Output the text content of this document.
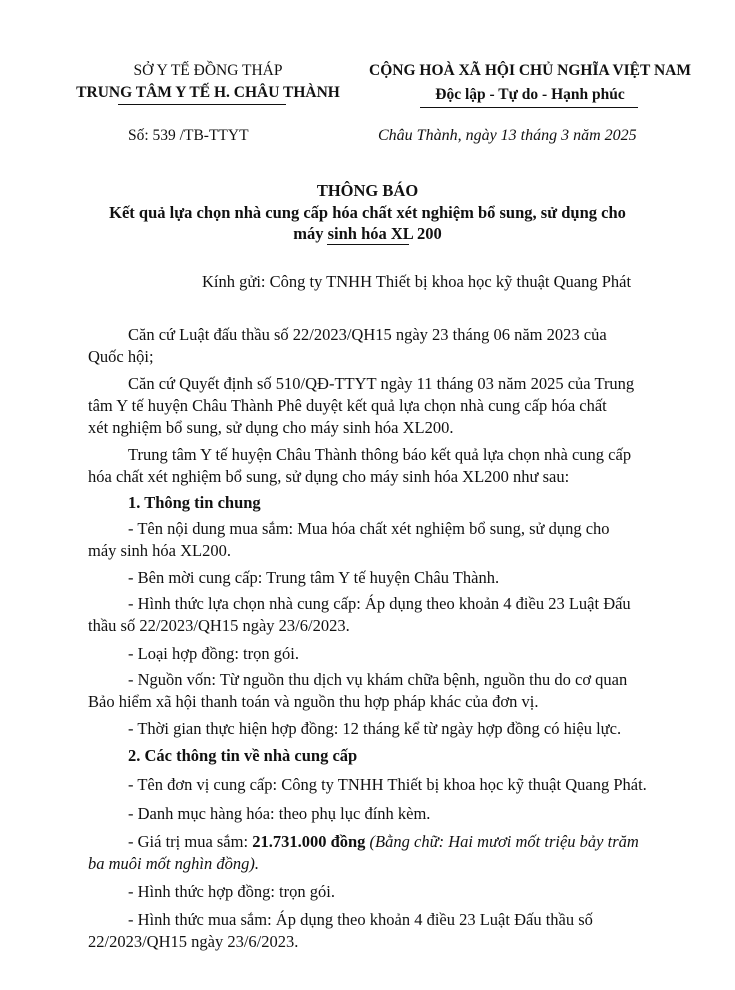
SỞ Y TẾ ĐỒNG THÁP
TRUNG TÂM Y TẾ H. CHÂU THÀNH
CỘNG HOÀ XÃ HỘI CHỦ NGHĨA VIỆT NAM
Độc lập - Tự do - Hạnh phúc
Số: 539 /TB-TTYT	Châu Thành, ngày 13 tháng 3 năm 2025
THÔNG BÁO
Kết quả lựa chọn nhà cung cấp hóa chất xét nghiệm bổ sung, sử dụng cho
máy sinh hóa XL 200
Kính gửi: Công ty TNHH Thiết bị khoa học kỹ thuật Quang Phát
Căn cứ Luật đấu thầu số 22/2023/QH15 ngày 23 tháng 06 năm 2023 của
Quốc hội;
Căn cứ Quyết định số 510/QĐ-TTYT ngày 11 tháng 03 năm 2025 của Trung
tâm Y tế huyện Châu Thành Phê duyệt kết quả lựa chọn nhà cung cấp hóa chất
xét nghiệm bổ sung, sử dụng cho máy sinh hóa XL200.
Trung tâm Y tế huyện Châu Thành thông báo kết quả lựa chọn nhà cung cấp
hóa chất xét nghiệm bổ sung, sử dụng cho máy sinh hóa XL200 như sau:
1. Thông tin chung
- Tên nội dung mua sắm: Mua hóa chất xét nghiệm bổ sung, sử dụng cho
máy sinh hóa XL200.
- Bên mời cung cấp: Trung tâm Y tế huyện Châu Thành.
- Hình thức lựa chọn nhà cung cấp: Áp dụng theo khoản 4 điều 23 Luật Đấu
thầu số 22/2023/QH15 ngày 23/6/2023.
- Loại hợp đồng: trọn gói.
- Nguồn vốn: Từ nguồn thu dịch vụ khám chữa bệnh, nguồn thu do cơ quan
Bảo hiểm xã hội thanh toán và nguồn thu hợp pháp khác của đơn vị.
- Thời gian thực hiện hợp đồng: 12 tháng kể từ ngày hợp đồng có hiệu lực.
2. Các thông tin về nhà cung cấp
- Tên đơn vị cung cấp: Công ty TNHH Thiết bị khoa học kỹ thuật Quang Phát.
- Danh mục hàng hóa: theo phụ lục đính kèm.
- Giá trị mua sắm: 21.731.000 đồng (Bằng chữ: Hai mươi mốt triệu bảy trăm
ba muôi mốt nghìn đồng).
- Hình thức hợp đồng: trọn gói.
- Hình thức mua sắm: Áp dụng theo khoản 4 điều 23 Luật Đấu thầu số
22/2023/QH15 ngày 23/6/2023.
